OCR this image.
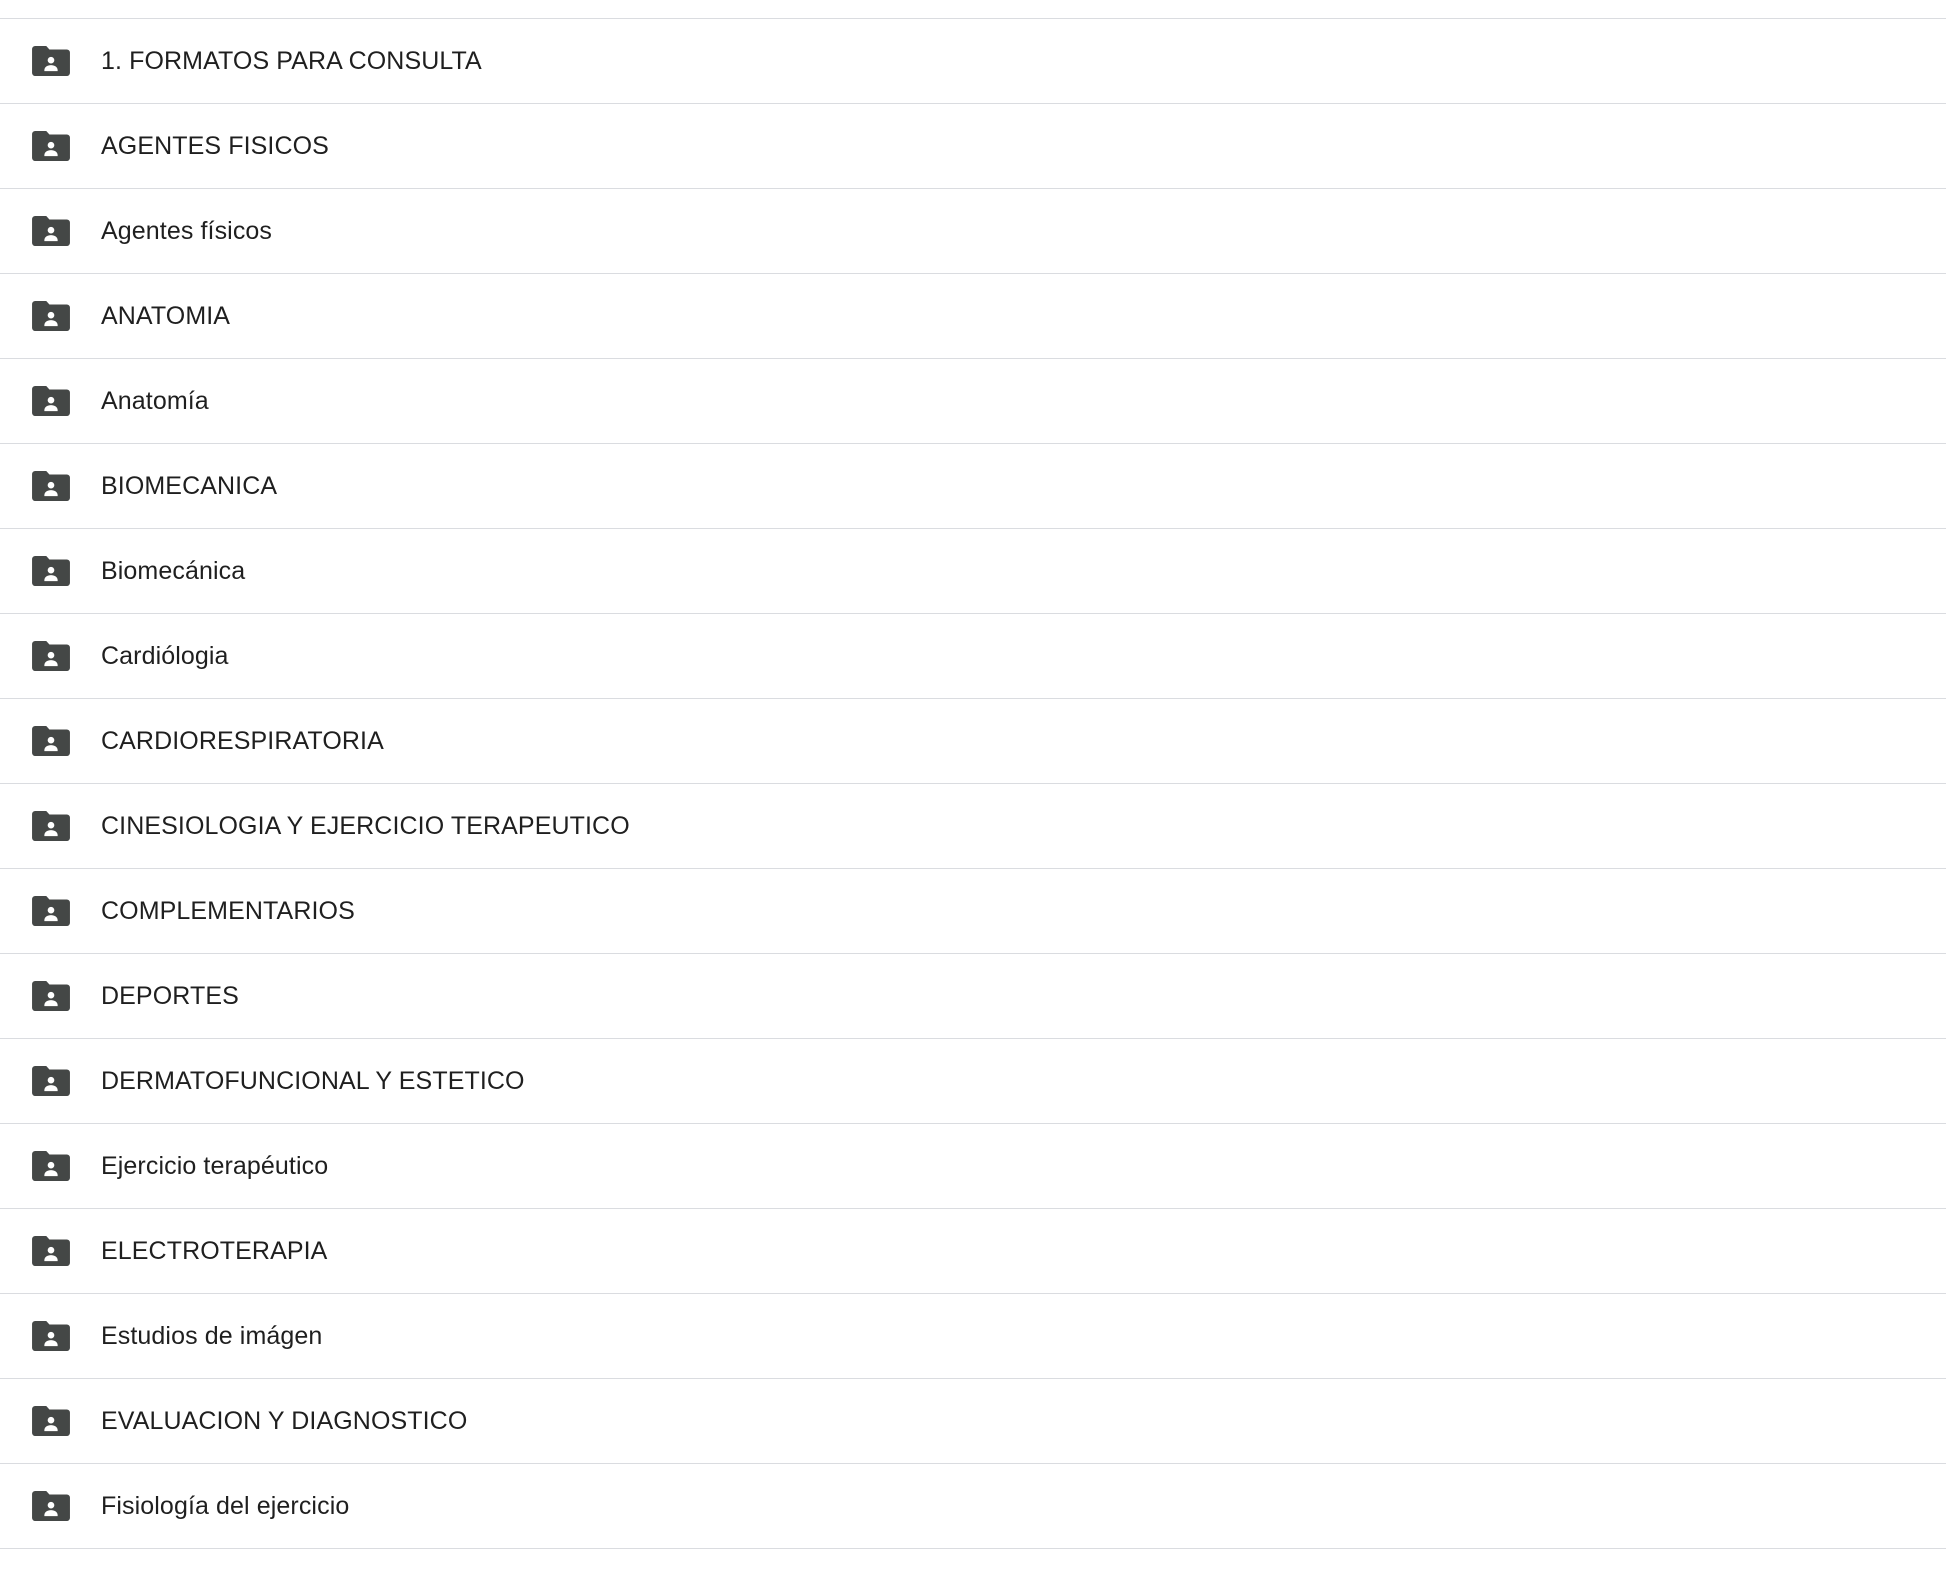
1. FORMATOS PARA CONSULTA
AGENTES FISICOS
Agentes físicos
ANATOMIA
Anatomía
BIOMECANICA
Biomecánica
Cardiólogia
CARDIORESPIRATORIA
CINESIOLOGIA Y EJERCICIO TERAPEUTICO
COMPLEMENTARIOS
DEPORTES
DERMATOFUNCIONAL Y ESTETICO
Ejercicio terapéutico
ELECTROTERAPIA
Estudios de imágen
EVALUACION Y DIAGNOSTICO
Fisiología del ejercicio
